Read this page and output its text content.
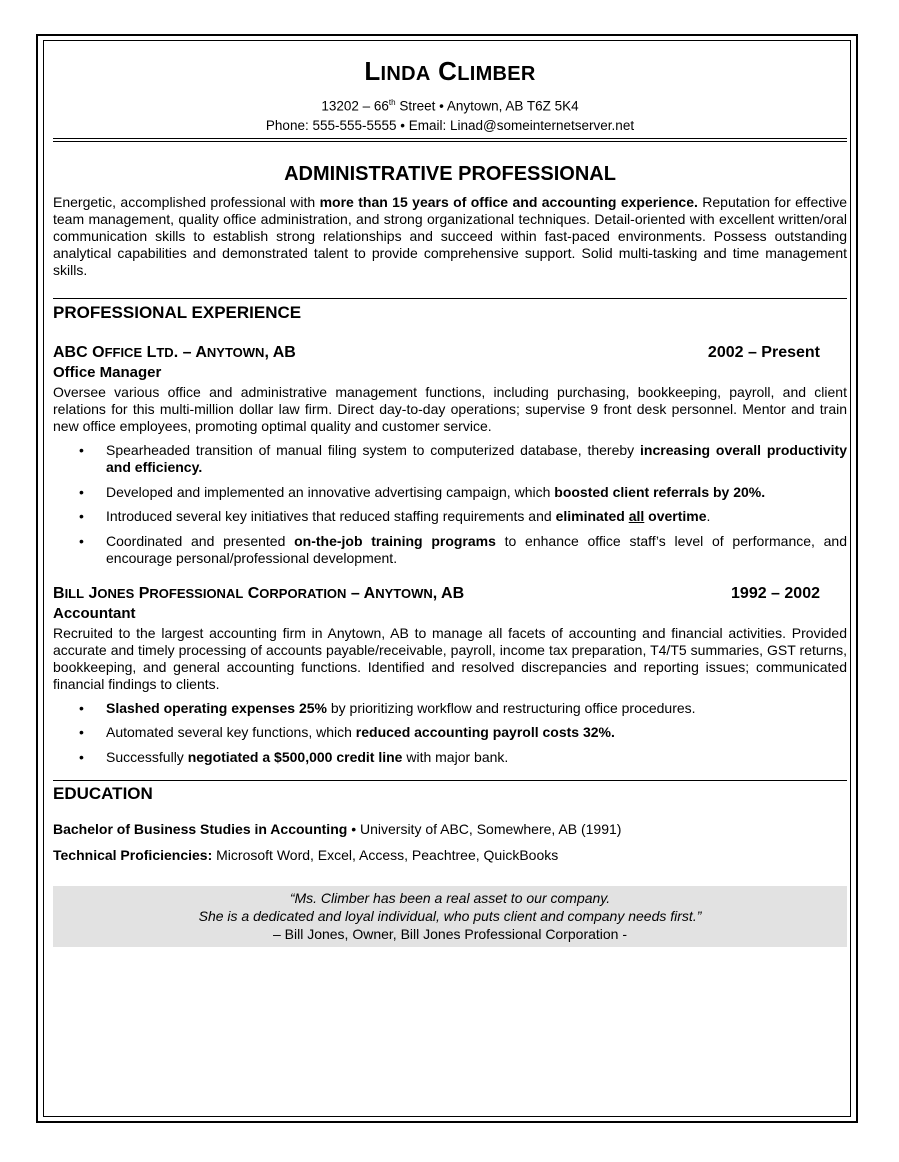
LINDA CLIMBER
13202 – 66th Street • Anytown, AB T6Z 5K4
Phone: 555-555-5555 • Email: Linad@someinternetserver.net
ADMINISTRATIVE PROFESSIONAL

Energetic, accomplished professional with more than 15 years of office and accounting experience. Reputation for effective team management, quality office administration, and strong organizational techniques. Detail-oriented with excellent written/oral communication skills to establish strong relationships and succeed within fast-paced environments. Possess outstanding analytical capabilities and demonstrated talent to provide comprehensive support. Solid multi-tasking and time management skills.

PROFESSIONAL EXPERIENCE
ABC OFFICE LTD. – ANYTOWN, AB	2002 – Present
Office Manager

Oversee various office and administrative management functions, including purchasing, bookkeeping, payroll, and client relations for this multi-million dollar law firm. Direct day-to-day operations; supervise 9 front desk personnel. Mentor and train new office employees, promoting optimal quality and customer service.

• Spearheaded transition of manual filing system to computerized database, thereby increasing overall productivity and efficiency.
• Developed and implemented an innovative advertising campaign, which boosted client referrals by 20%.
• Introduced several key initiatives that reduced staffing requirements and eliminated all overtime.
• Coordinated and presented on-the-job training programs to enhance office staff’s level of performance, and encourage personal/professional development.
BILL JONES PROFESSIONAL CORPORATION – ANYTOWN, AB	1992 – 2002
Accountant

Recruited to the largest accounting firm in Anytown, AB to manage all facets of accounting and financial activities. Provided accurate and timely processing of accounts payable/receivable, payroll, income tax preparation, T4/T5 summaries, GST returns, bookkeeping, and general accounting functions. Identified and resolved discrepancies and reporting issues; communicated financial findings to clients.

• Slashed operating expenses 25% by prioritizing workflow and restructuring office procedures.
• Automated several key functions, which reduced accounting payroll costs 32%.
• Successfully negotiated a $500,000 credit line with major bank.
EDUCATION
Bachelor of Business Studies in Accounting • University of ABC, Somewhere, AB (1991)
Technical Proficiencies: Microsoft Word, Excel, Access, Peachtree, QuickBooks
“Ms. Climber has been a real asset to our company.
She is a dedicated and loyal individual, who puts client and company needs first.”
– Bill Jones, Owner, Bill Jones Professional Corporation -
